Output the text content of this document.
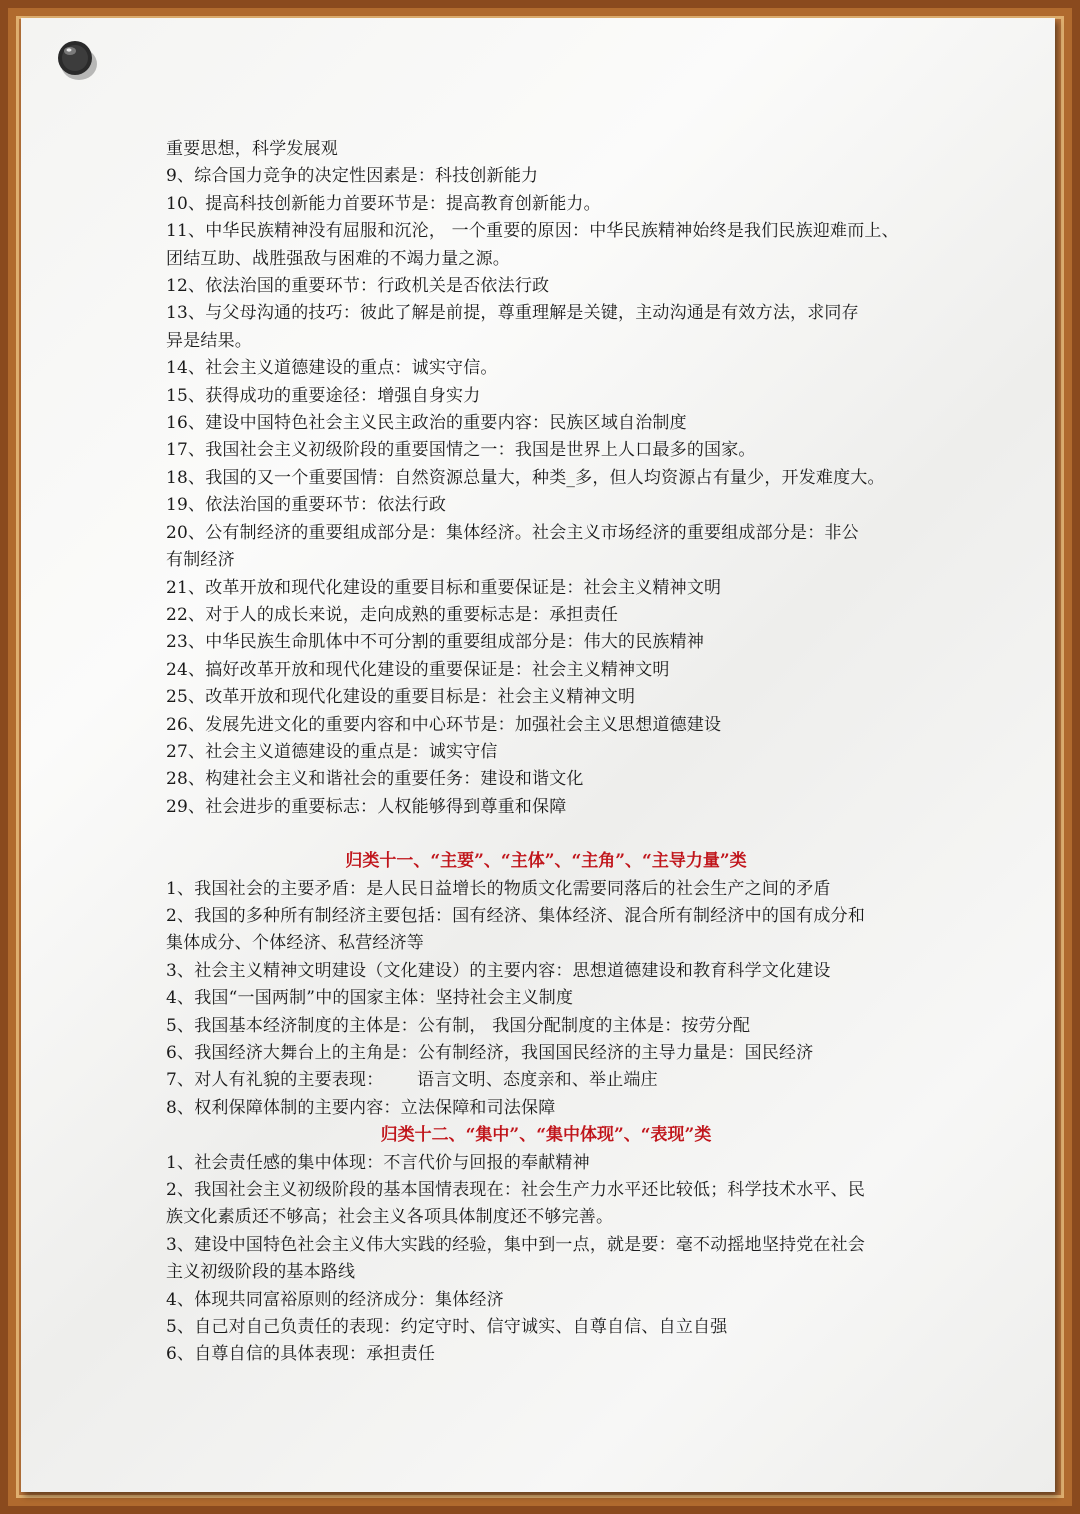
重要思想，科学发展观
9、综合国力竞争的决定性因素是：科技创新能力
10、提高科技创新能力首要环节是：提高教育创新能力。
11、中华民族精神没有屈服和沉沦， 一个重要的原因：中华民族精神始终是我们民族迎难而上、
团结互助、战胜强敌与困难的不竭力量之源。
12、依法治国的重要环节：行政机关是否依法行政
13、与父母沟通的技巧：彼此了解是前提，尊重理解是关键，主动沟通是有效方法，求同存
异是结果。
14、社会主义道德建设的重点：诚实守信。
15、获得成功的重要途径：增强自身实力
16、建设中国特色社会主义民主政治的重要内容：民族区域自治制度
17、我国社会主义初级阶段的重要国情之一：我国是世界上人口最多的国家。
18、我国的又一个重要国情：自然资源总量大，种类_多，但人均资源占有量少，开发难度大。
19、依法治国的重要环节：依法行政
20、公有制经济的重要组成部分是：集体经济。社会主义市场经济的重要组成部分是：非公
有制经济
21、改革开放和现代化建设的重要目标和重要保证是：社会主义精神文明
22、对于人的成长来说，走向成熟的重要标志是：承担责任
23、中华民族生命肌体中不可分割的重要组成部分是：伟大的民族精神
24、搞好改革开放和现代化建设的重要保证是：社会主义精神文明
25、改革开放和现代化建设的重要目标是：社会主义精神文明
26、发展先进文化的重要内容和中心环节是：加强社会主义思想道德建设
27、社会主义道德建设的重点是：诚实守信
28、构建社会主义和谐社会的重要任务：建设和谐文化
29、社会进步的重要标志：人权能够得到尊重和保障
归类十一、“主要”、“主体”、“主角”、“主导力量”类
1、我国社会的主要矛盾：是人民日益增长的物质文化需要同落后的社会生产之间的矛盾
2、我国的多种所有制经济主要包括：国有经济、集体经济、混合所有制经济中的国有成分和
集体成分、个体经济、私营经济等
3、社会主义精神文明建设（文化建设）的主要内容：思想道德建设和教育科学文化建设
4、我国“一国两制”中的国家主体：坚持社会主义制度
5、我国基本经济制度的主体是：公有制， 我国分配制度的主体是：按劳分配
6、我国经济大舞台上的主角是：公有制经济，我国国民经济的主导力量是：国民经济
7、对人有礼貌的主要表现：      语言文明、态度亲和、举止端庄
8、权利保障体制的主要内容：立法保障和司法保障
归类十二、“集中”、“集中体现”、“表现”类
1、社会责任感的集中体现：不言代价与回报的奉献精神
2、我国社会主义初级阶段的基本国情表现在：社会生产力水平还比较低；科学技术水平、民
族文化素质还不够高；社会主义各项具体制度还不够完善。
3、建设中国特色社会主义伟大实践的经验，集中到一点，就是要：毫不动摇地坚持党在社会
主义初级阶段的基本路线
4、体现共同富裕原则的经济成分：集体经济
5、自己对自己负责任的表现：约定守时、信守诚实、自尊自信、自立自强
6、自尊自信的具体表现：承担责任
